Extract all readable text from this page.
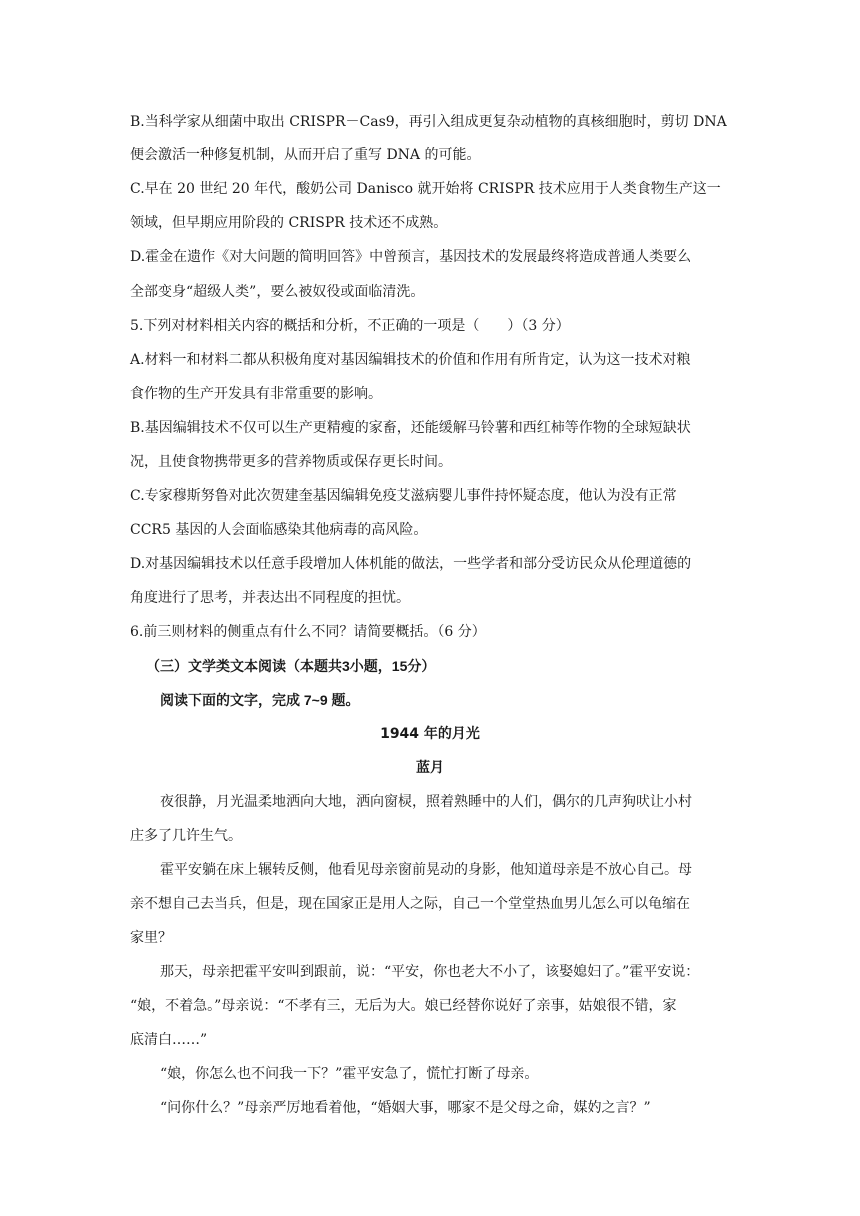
B.当科学家从细菌中取出 CRISPR－Cas9，再引入组成更复杂动植物的真核细胞时，剪切 DNA
便会激活一种修复机制，从而开启了重写 DNA 的可能。
C.早在 20 世纪 20 年代，酸奶公司 Danisco 就开始将 CRISPR 技术应用于人类食物生产这一
领域，但早期应用阶段的 CRISPR 技术还不成熟。
D.霍金在遗作《对大问题的简明回答》中曾预言，基因技术的发展最终将造成普通人类要么
全部变身“超级人类”，要么被奴役或面临清洗。
5.下列对材料相关内容的概括和分析，不正确的一项是（　　）（3 分）
A.材料一和材料二都从积极角度对基因编辑技术的价值和作用有所肯定，认为这一技术对粮
食作物的生产开发具有非常重要的影响。
B.基因编辑技术不仅可以生产更精瘦的家畜，还能缓解马铃薯和西红柿等作物的全球短缺状
况，且使食物携带更多的营养物质或保存更长时间。
C.专家穆斯努鲁对此次贺建奎基因编辑免疫艾滋病婴儿事件持怀疑态度，他认为没有正常
CCR5 基因的人会面临感染其他病毒的高风险。
D.对基因编辑技术以任意手段增加人体机能的做法，一些学者和部分受访民众从伦理道德的
角度进行了思考，并表达出不同程度的担忧。
6.前三则材料的侧重点有什么不同？请简要概括。（6 分）
（三）文学类文本阅读（本题共3小题，15分）
阅读下面的文字，完成 7~9 题。
1944 年的月光
蓝月
夜很静，月光温柔地洒向大地，洒向窗棂，照着熟睡中的人们，偶尔的几声狗吠让小村
庄多了几许生气。
霍平安躺在床上辗转反侧，他看见母亲窗前晃动的身影，他知道母亲是不放心自己。母
亲不想自己去当兵，但是，现在国家正是用人之际，自己一个堂堂热血男儿怎么可以龟缩在
家里？
那天，母亲把霍平安叫到跟前，说：“平安，你也老大不小了，该娶媳妇了。”霍平安说：
“娘，不着急。”母亲说：“不孝有三，无后为大。娘已经替你说好了亲事，姑娘很不错，家
底清白……”
“娘，你怎么也不问我一下？”霍平安急了，慌忙打断了母亲。
“问你什么？”母亲严厉地看着他，“婚姻大事，哪家不是父母之命，媒妁之言？”
